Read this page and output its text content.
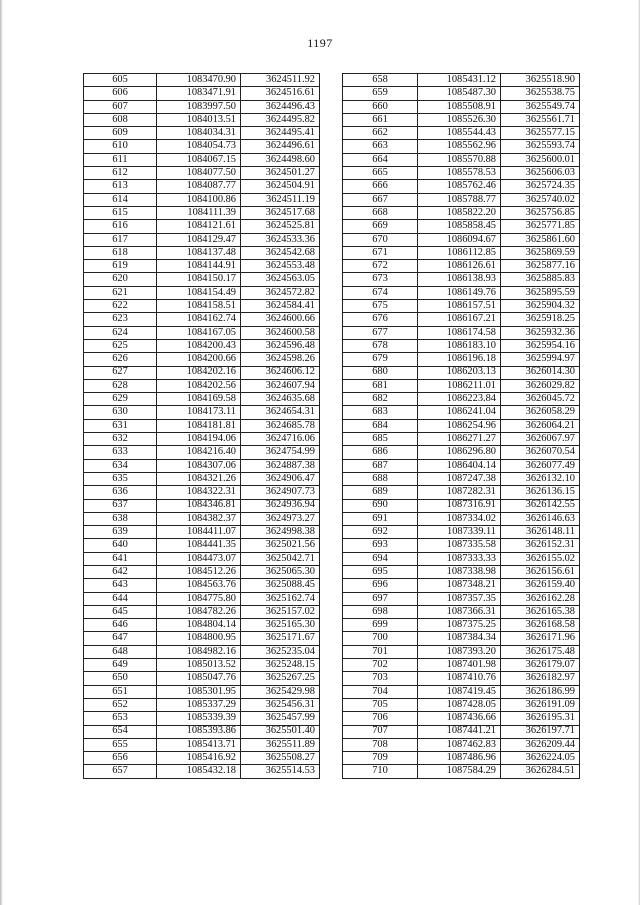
1197
605	1083470.90	3624511.92
606	1083471.91	3624516.61
607	1083997.50	3624496.43
608	1084013.51	3624495.82
609	1084034.31	3624495.41
610	1084054.73	3624496.61
611	1084067.15	3624498.60
612	1084077.50	3624501.27
613	1084087.77	3624504.91
614	1084100.86	3624511.19
615	1084111.39	3624517.68
616	1084121.61	3624525.81
617	1084129.47	3624533.36
618	1084137.48	3624542.68
619	1084144.91	3624553.48
620	1084150.17	3624563.05
621	1084154.49	3624572.82
622	1084158.51	3624584.41
623	1084162.74	3624600.66
624	1084167.05	3624600.58
625	1084200.43	3624596.48
626	1084200.66	3624598.26
627	1084202.16	3624606.12
628	1084202.56	3624607.94
629	1084169.58	3624635.68
630	1084173.11	3624654.31
631	1084181.81	3624685.78
632	1084194.06	3624716.06
633	1084216.40	3624754.99
634	1084307.06	3624887.38
635	1084321.26	3624906.47
636	1084322.31	3624907.73
637	1084346.81	3624936.94
638	1084382.37	3624973.27
639	1084411.07	3624998.38
640	1084441.35	3625021.56
641	1084473.07	3625042.71
642	1084512.26	3625065.30
643	1084563.76	3625088.45
644	1084775.80	3625162.74
645	1084782.26	3625157.02
646	1084804.14	3625165.30
647	1084800.95	3625171.67
648	1084982.16	3625235.04
649	1085013.52	3625248.15
650	1085047.76	3625267.25
651	1085301.95	3625429.98
652	1085337.29	3625456.31
653	1085339.39	3625457.99
654	1085393.86	3625501.40
655	1085413.71	3625511.89
656	1085416.92	3625508.27
657	1085432.18	3625514.53
658	1085431.12	3625518.90
659	1085487.30	3625538.75
660	1085508.91	3625549.74
661	1085526.30	3625561.71
662	1085544.43	3625577.15
663	1085562.96	3625593.74
664	1085570.88	3625600.01
665	1085578.53	3625606.03
666	1085762.46	3625724.35
667	1085788.77	3625740.02
668	1085822.20	3625756.85
669	1085858.45	3625771.85
670	1086094.67	3625861.60
671	1086112.85	3625869.59
672	1086126.61	3625877.16
673	1086138.93	3625885.83
674	1086149.76	3625895.59
675	1086157.51	3625904.32
676	1086167.21	3625918.25
677	1086174.58	3625932.36
678	1086183.10	3625954.16
679	1086196.18	3625994.97
680	1086203.13	3626014.30
681	1086211.01	3626029.82
682	1086223.84	3626045.72
683	1086241.04	3626058.29
684	1086254.96	3626064.21
685	1086271.27	3626067.97
686	1086296.80	3626070.54
687	1086404.14	3626077.49
688	1087247.38	3626132.10
689	1087282.31	3626136.15
690	1087316.91	3626142.55
691	1087334.02	3626146.63
692	1087339.11	3626148.11
693	1087335.58	3626152.31
694	1087333.33	3626155.02
695	1087338.98	3626156.61
696	1087348.21	3626159.40
697	1087357.35	3626162.28
698	1087366.31	3626165.38
699	1087375.25	3626168.58
700	1087384.34	3626171.96
701	1087393.20	3626175.48
702	1087401.98	3626179.07
703	1087410.76	3626182.97
704	1087419.45	3626186.99
705	1087428.05	3626191.09
706	1087436.66	3626195.31
707	1087441.21	3626197.71
708	1087462.83	3626209.44
709	1087486.96	3626224.05
710	1087584.29	3626284.51
